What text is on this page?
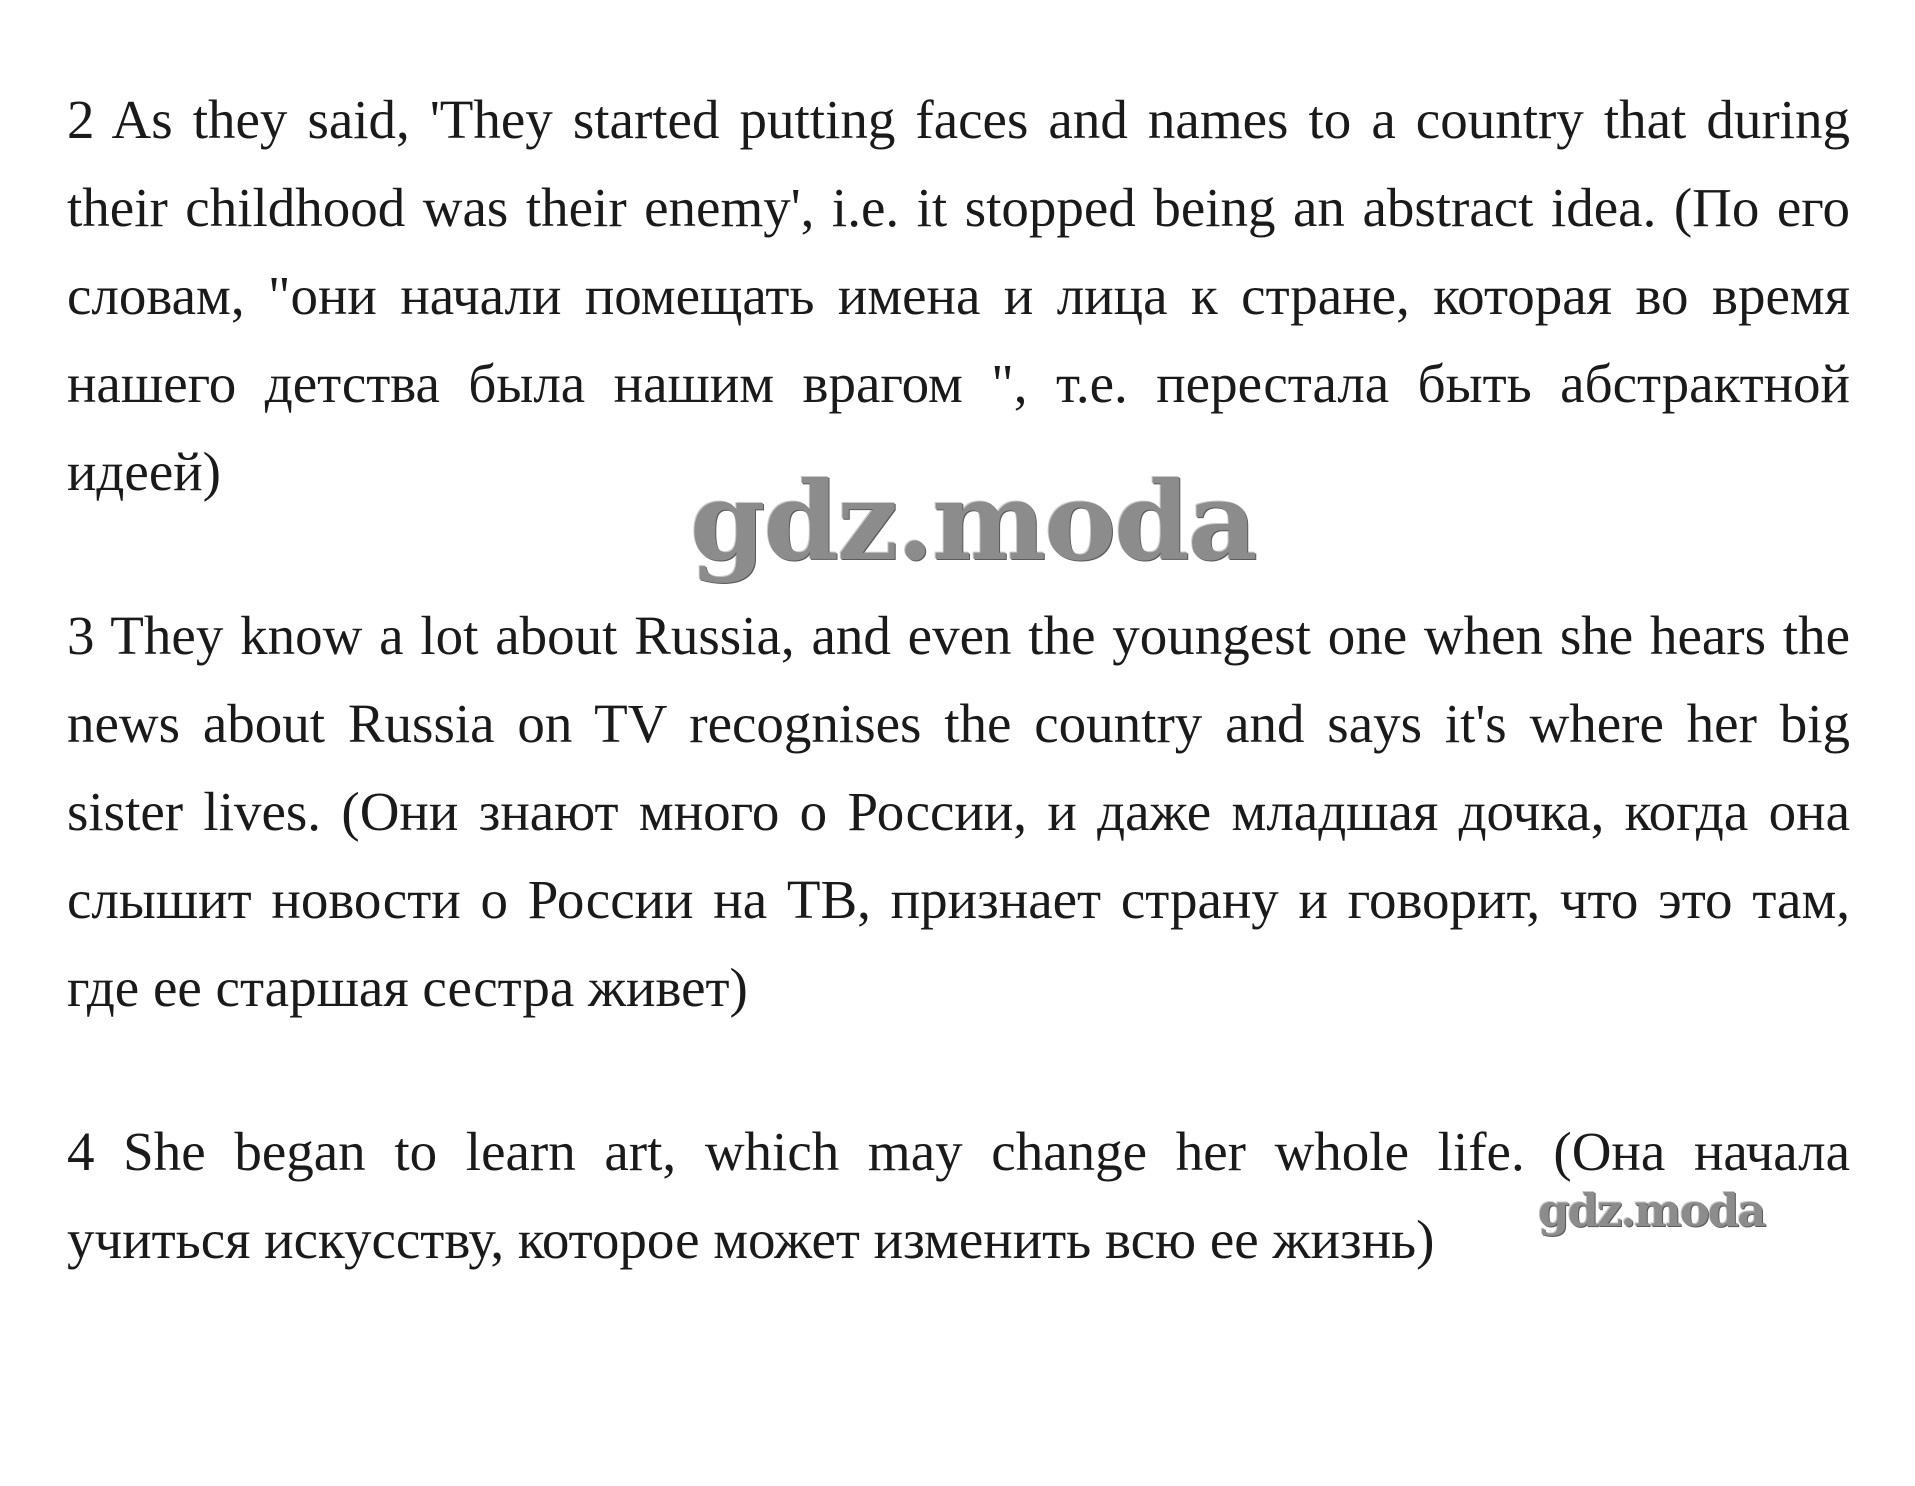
2 As they said, 'They started putting faces and names to a country that during their childhood was their enemy', i.e. it stopped being an abstract idea. (По его словам, "они начали помещать имена и лица к стране, которая во время нашего детства была нашим врагом ", т.е. перестала быть абстрактной идеей)

3 They know a lot about Russia, and even the youngest one when she hears the news about Russia on TV recognises the country and says it's where her big sister lives. (Они знают много о России, и даже младшая дочка, когда она слышит новости о России на ТВ, признает страну и говорит, что это там, где ее старшая сестра живет)

4 She began to learn art, which may change her whole life. (Она начала учиться искусству, которое может изменить всю ее жизнь)

gdz.moda
gdz.moda
